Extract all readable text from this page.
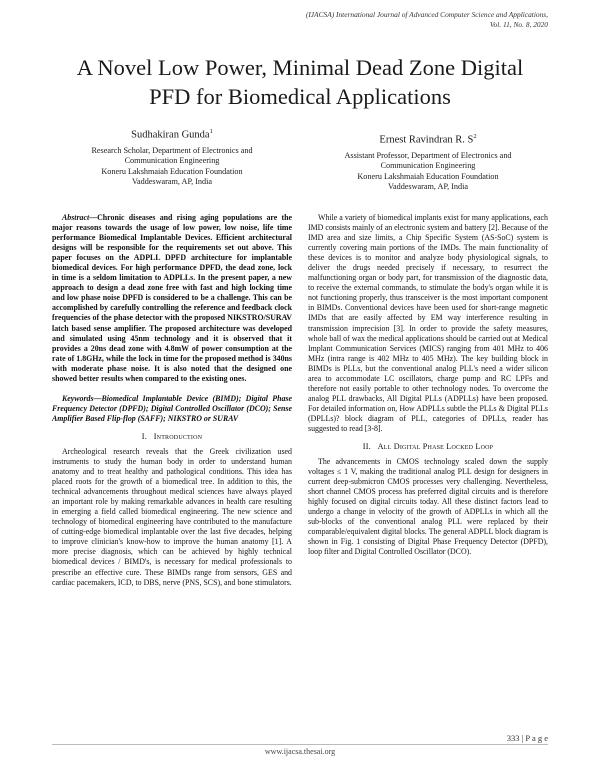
(IJACSA) International Journal of Advanced Computer Science and Applications,
Vol. 11, No. 8, 2020
A Novel Low Power, Minimal Dead Zone Digital
PFD for Biomedical Applications
Sudhakiran Gunda$^1$
Research Scholar, Department of Electronics and
Communication Engineering
Koneru Lakshmaiah Education Foundation
Vaddeswaram, AP, India
Ernest Ravindran R. $S^2$
Assistant Professor, Department of Electronics and
Communication Engineering
Koneru Lakshmaiah Education Foundation
Vaddeswaram, AP, India

Abstract—Chronic diseases and rising aging populations are the major reasons towards the usage of low power, low noise, life time performance Biomedical Implantable Devices. Efficient architectural designs will be responsible for the requirements set out above. This paper focuses on the ADPLL DPFD architecture for implantable biomedical devices. For high performance DPFD, the dead zone, lock in time is a seldom limitation to ADPLLs. In the present paper, a new approach to design a dead zone free with fast and high locking time and low phase noise DPFD is considered to be a challenge. This can be accomplished by carefully controlling the reference and feedback clock frequencies of the phase detector with the proposed NIKSTRO/SURAV latch based sense amplifier. The proposed architecture was developed and simulated using 45nm technology and it is observed that it provides a 20ns dead zone with 4.8mW of power consumption at the rate of 1.8GHz, while the lock in time for the proposed method is 340ns with moderate phase noise. It is also noted that the designed one showed better results when compared to the existing ones.

Keywords—Biomedical Implantable Device (BIMD); Digital Phase Frequency Detector (DPFD); Digital Controlled Oscillator (DCO); Sense Amplifier Based Flip-flop (SAFF); NIKSTRO or SURAV

I. Introduction

Archeological research reveals that the Greek civilization used instruments to study the human body in order to understand human anatomy and to treat healthy and pathological conditions. This idea has placed roots for the growth of a biomedical tree. In addition to this, the technical advancements throughout medical sciences have always played an important role by making remarkable advances in health care resulting in emerging a field called biomedical engineering. The new science and technology of biomedical engineering have contributed to the manufacture of cutting-edge biomedical implantable over the last five decades, helping to improve clinician's know-how to improve the human anatomy [1]. A more precise diagnosis, which can be achieved by highly technical biomedical devices / BIMD's, is necessary for medical professionals to prescribe an effective cure. These BIMDs range from sensors, GES and cardiac pacemakers, ICD, to DBS, nerve (PNS, SCS), and bone stimulators.

While a variety of biomedical implants exist for many applications, each IMD consists mainly of an electronic system and battery [2]. Because of the IMD area and size limits, a Chip Specific System (AS-SoC) system is currently covering main portions of the IMDs. The main functionality of these devices is to monitor and analyze body physiological signals, to deliver the drugs needed precisely if necessary, to resurrect the malfunctioning organ or body part, for transmission of the diagnostic data, to receive the external commands, to stimulate the body's organ while it is not functioning properly, thus transceiver is the most important component in BIMDs. Conventional devices have been used for short-range magnetic IMDs that are easily affected by EM way interference resulting in transmission imprecision [3]. In order to provide the safety measures, whole ball of wax the medical applications should be carried out at Medical Implant Communication Services (MICS) ranging from 401 MHz to 406 MHz (intra range is 402 MHz to 405 MHz). The key building block in BIMDs is PLLs, but the conventional analog PLL's need a wider silicon area to accommodate LC oscillators, charge pump and RC LPFs and therefore not easily portable to other technology nodes. To overcome the analog PLL drawbacks, All Digital PLLs (ADPLLs) have been proposed. For detailed information on, How ADPLLs subtle the PLLs & Digital PLLs (DPLLs)? block diagram of PLL, categories of DPLLs, reader has suggested to read [3-8].

II. All Digital Phase Locked Loop

The advancements in CMOS technology scaled down the supply voltages ≤ 1 V, making the traditional analog PLL design for designers in current deep-submicron CMOS processes very challenging. Nevertheless, short channel CMOS process has preferred digital circuits and is therefore highly focused on digital circuits today. All these distinct factors lead to undergo a change in velocity of the growth of ADPLLs in which all the sub-blocks of the conventional analog PLL were replaced by their comparable/equivalent digital blocks. The general ADPLL block diagram is shown in Fig. 1 consisting of Digital Phase Frequency Detector (DPFD), loop filter and Digital Controlled Oscillator (DCO).

333 | P a g e
www.ijacsa.thesai.org
